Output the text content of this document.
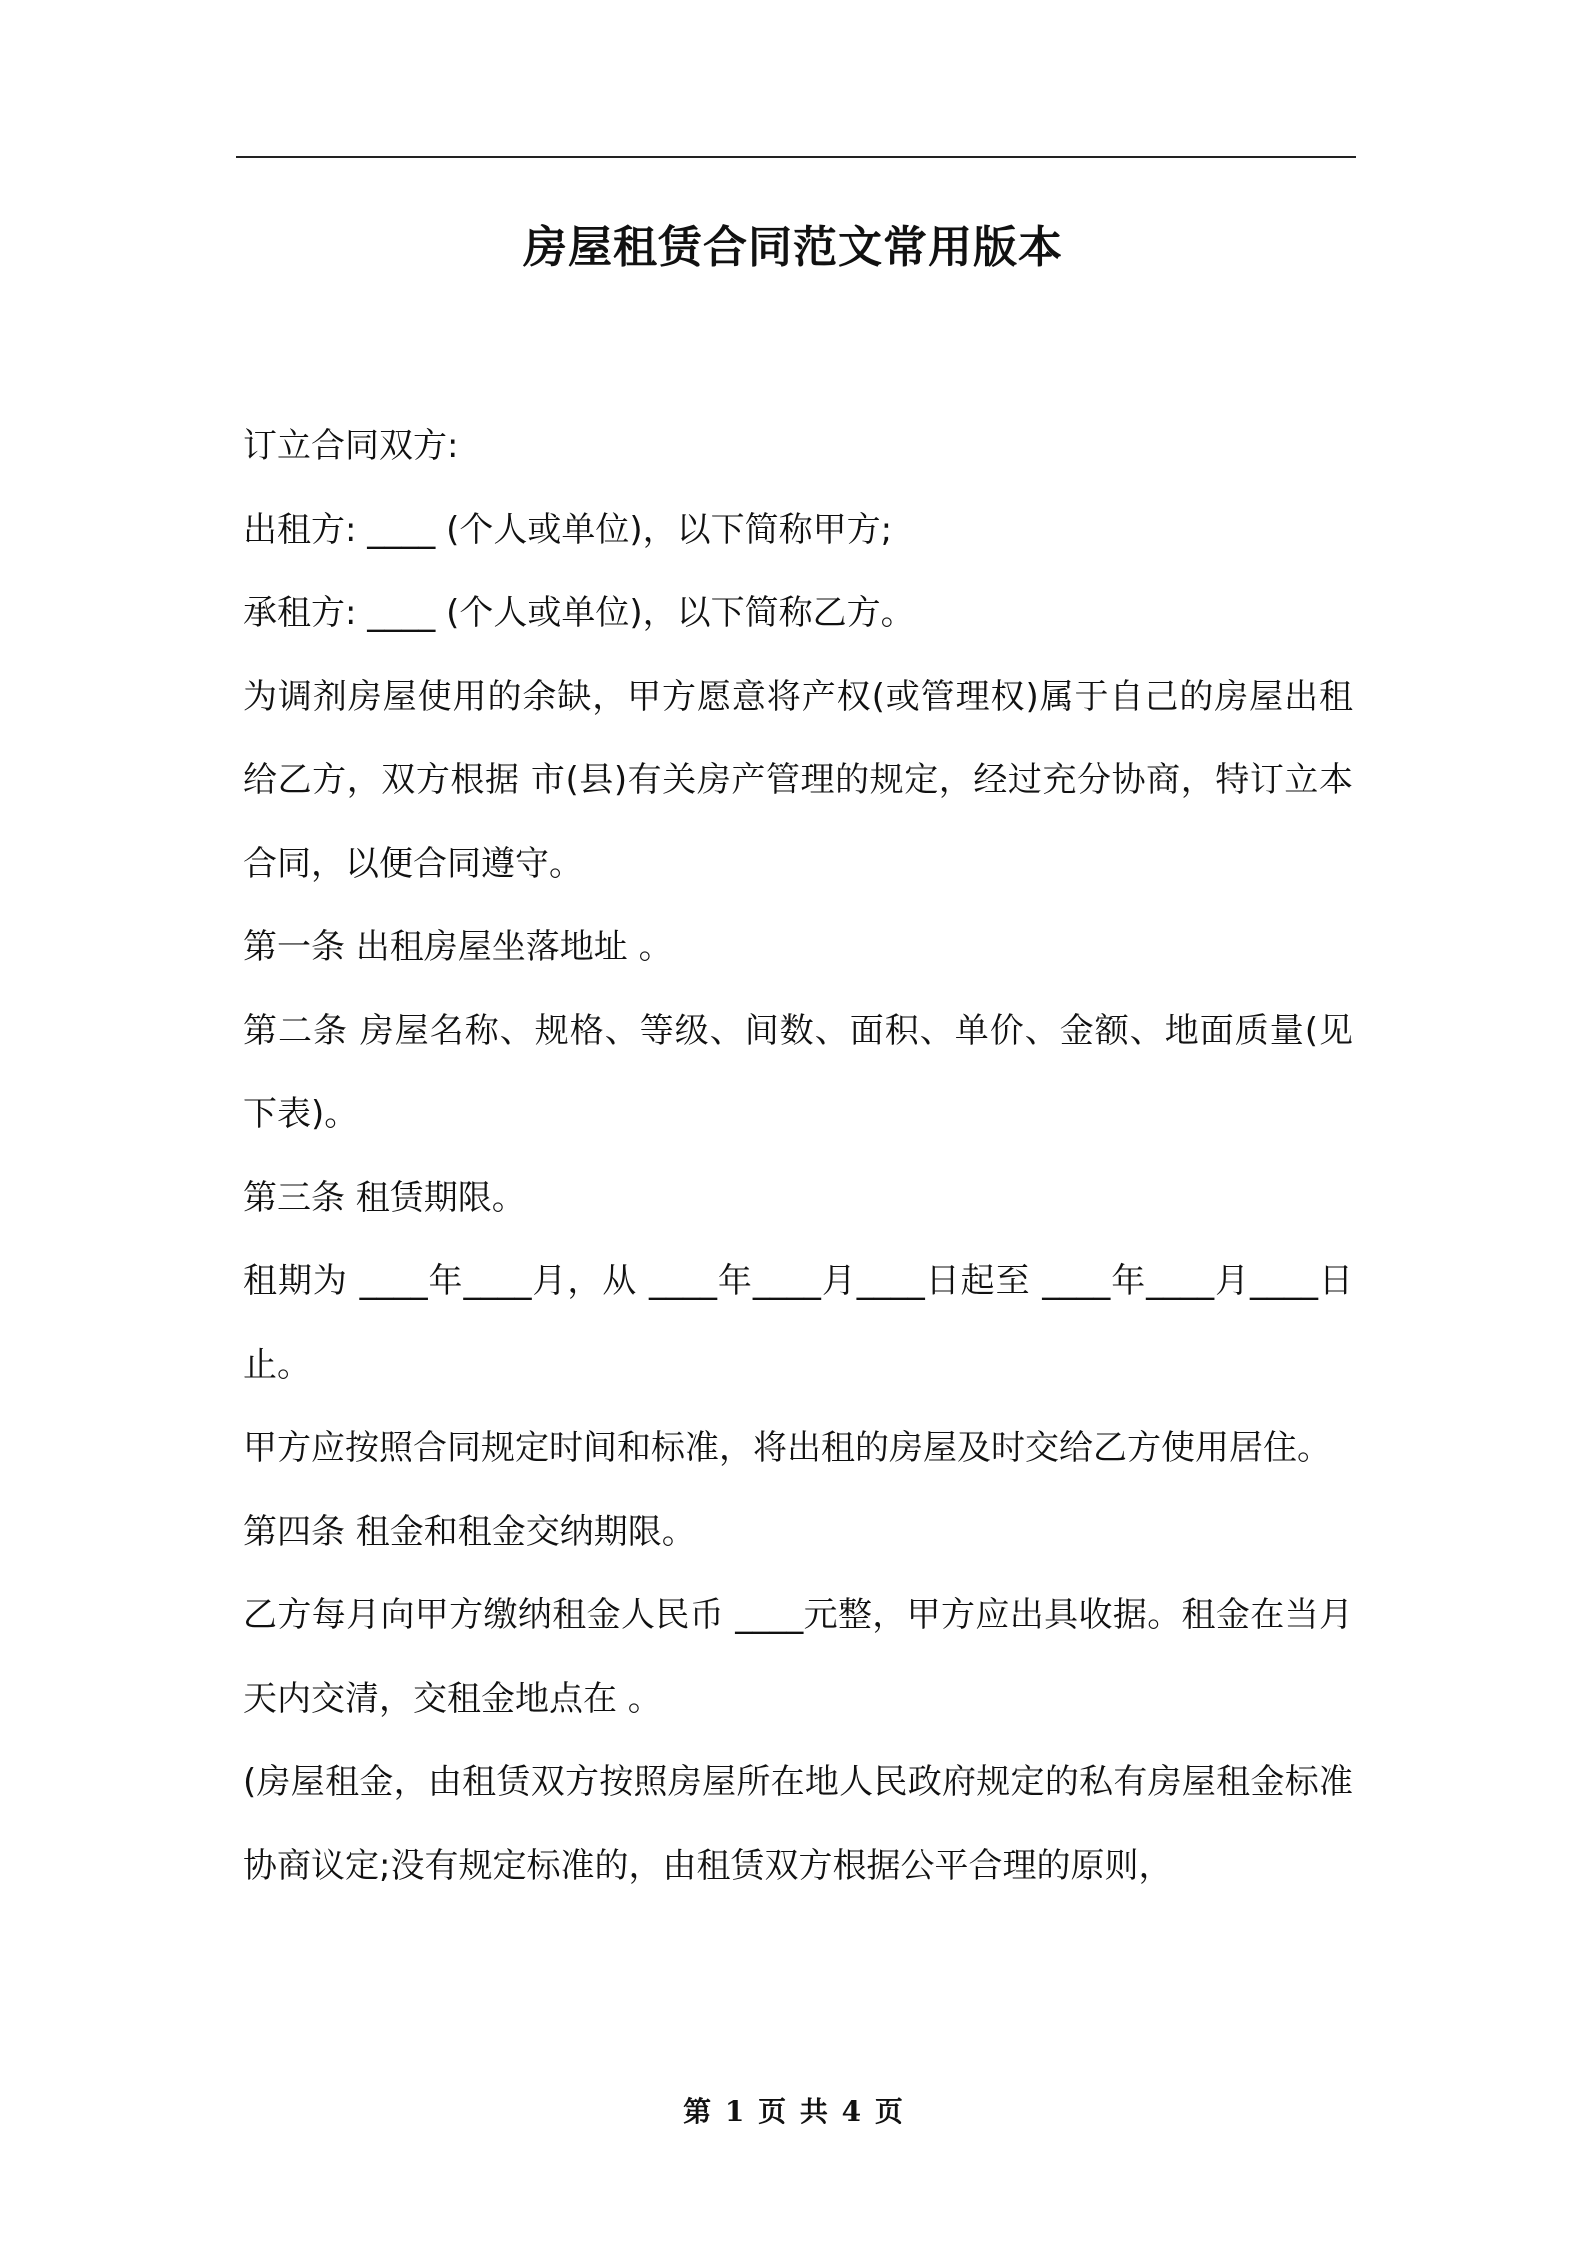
房屋租赁合同范文常用版本

订立合同双方:

出租方: ____ (个人或单位)，以下简称甲方;

承租方: ____ (个人或单位)，以下简称乙方。

为调剂房屋使用的余缺，甲方愿意将产权(或管理权)属于自己的房屋出租给乙方，双方根据 市(县)有关房产管理的规定，经过充分协商，特订立本合同，以便合同遵守。

第一条 出租房屋坐落地址 。

第二条 房屋名称、规格、等级、间数、面积、单价、金额、地面质量(见下表)。

第三条 租赁期限。

租期为 ____年____月，从 ____年____月____日起至 ____年____月____日止。

甲方应按照合同规定时间和标准，将出租的房屋及时交给乙方使用居住。

第四条 租金和租金交纳期限。

乙方每月向甲方缴纳租金人民币 ____元整，甲方应出具收据。租金在当月 天内交清，交租金地点在 。

(房屋租金，由租赁双方按照房屋所在地人民政府规定的私有房屋租金标准协商议定;没有规定标准的，由租赁双方根据公平合理的原则，

第 1 页 共 4 页
